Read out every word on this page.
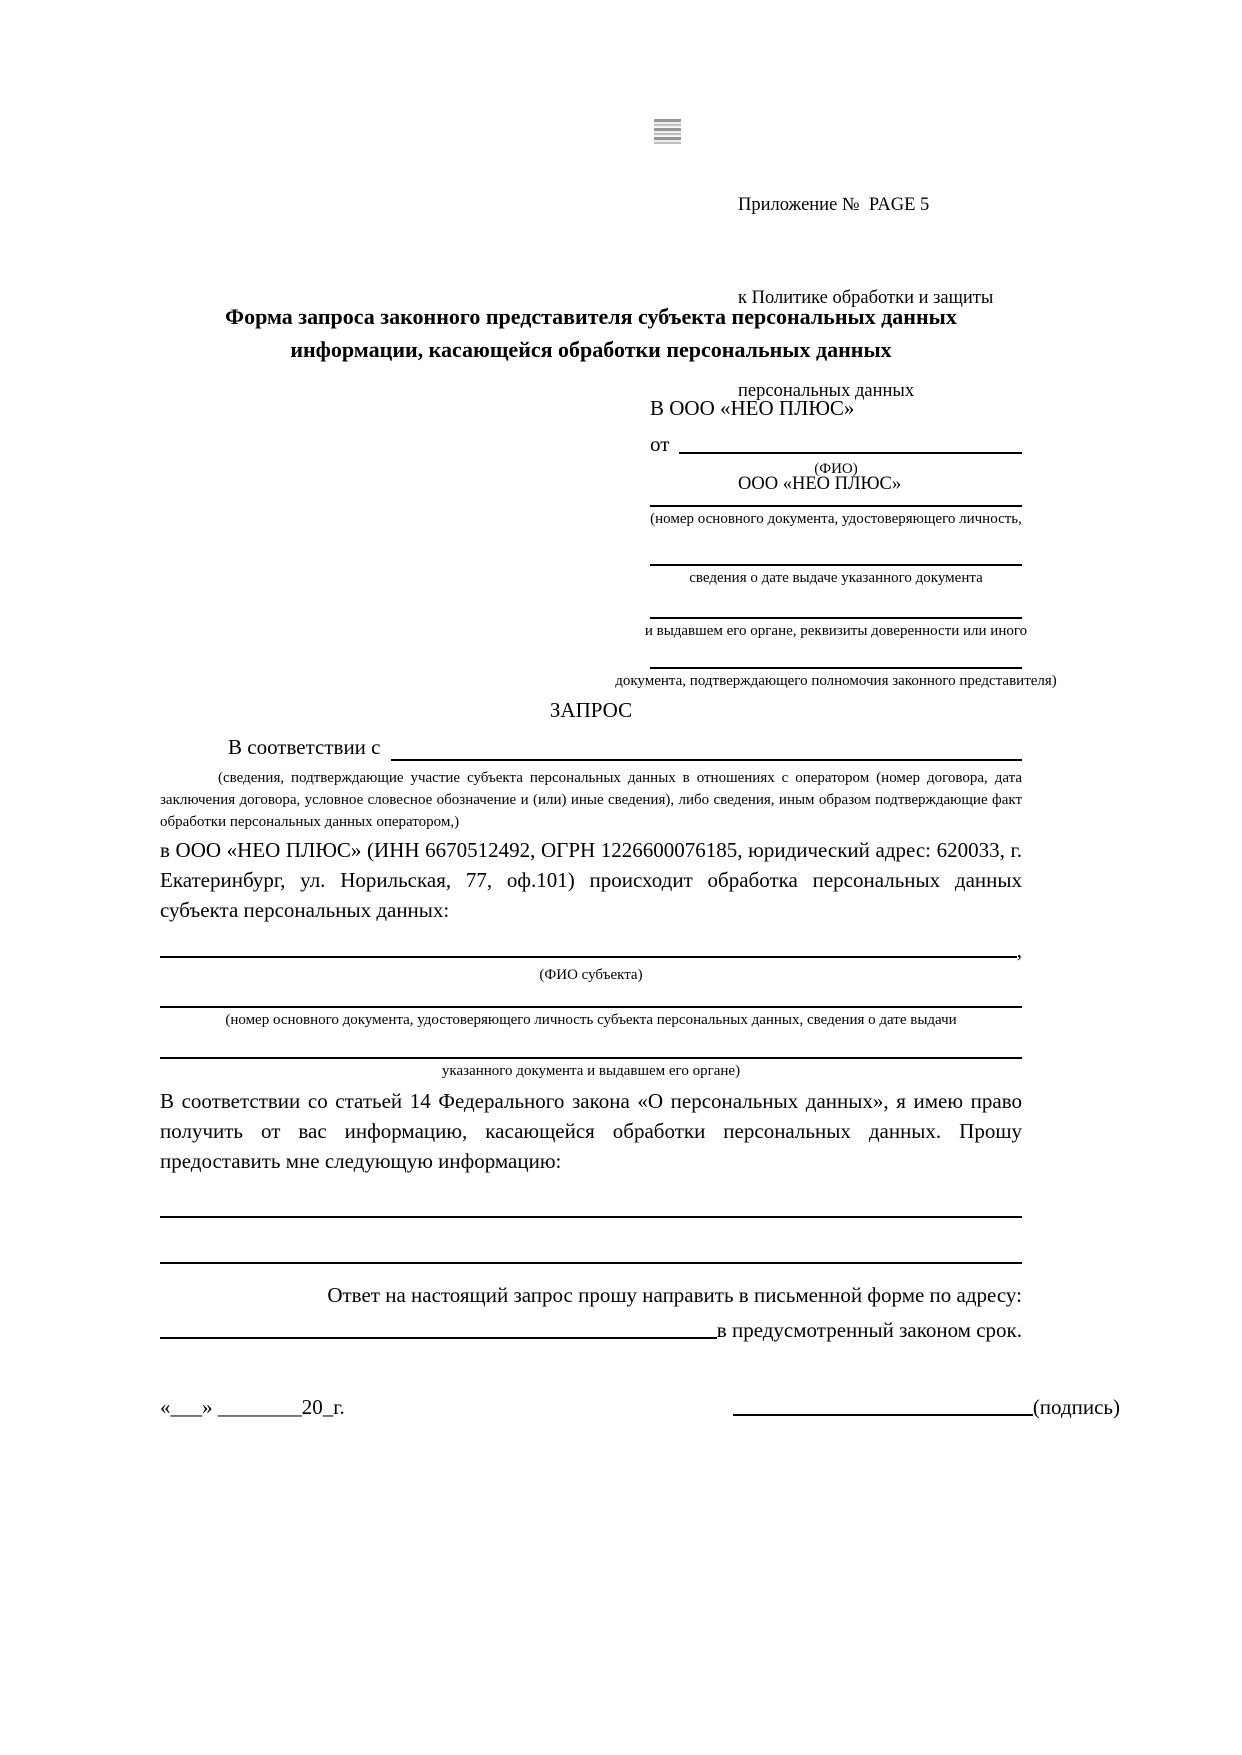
Приложение №  PAGE 5

к Политике обработки и защиты

персональных данных

ООО «НЕО ПЛЮС»

Форма запроса законного представителя субъекта персональных данных
информации, касающейся обработки персональных данных
В ООО «НЕО ПЛЮС»
от
(ФИО)
(номер основного документа, удостоверяющего личность,
сведения о дате выдаче указанного документа
и выдавшем его органе, реквизиты доверенности или иного
документа, подтверждающего полномочия законного представителя)
ЗАПРОС
В соответствии с
(сведения, подтверждающие участие субъекта персональных данных в отношениях с оператором (номер договора, дата заключения договора, условное словесное обозначение и (или) иные сведения), либо сведения, иным образом подтверждающие факт обработки персональных данных оператором,)
в ООО «НЕО ПЛЮС» (ИНН 6670512492, ОГРН 1226600076185, юридический адрес: 620033, г. Екатеринбург, ул. Норильская, 77, оф.101) происходит обработка персональных данных субъекта персональных данных:
,
(ФИО субъекта)
(номер основного документа, удостоверяющего личность субъекта персональных данных, сведения о дате выдачи
указанного документа и выдавшем его органе)
В соответствии со статьей 14 Федерального закона «О персональных данных», я имею право получить от вас информацию, касающейся обработки персональных данных. Прошу предоставить мне следующую информацию:
Ответ на настоящий запрос прошу направить в письменной форме по адресу:
в предусмотренный законом срок.
«___» ________20_г.	(подпись)
